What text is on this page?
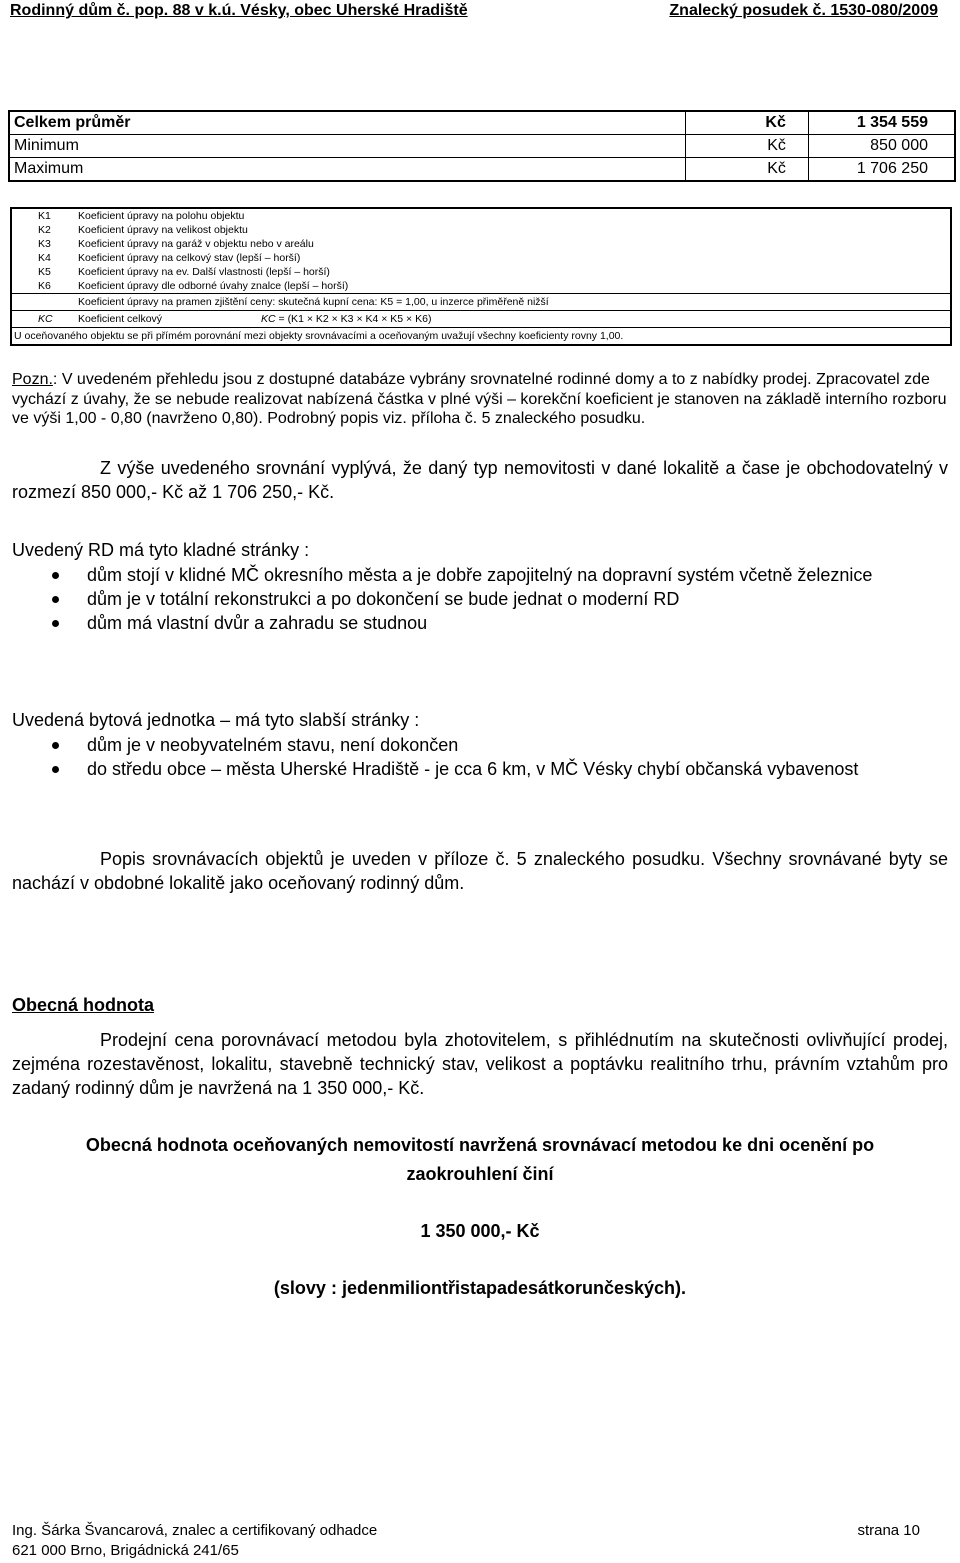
Rodinný dům č. pop. 88 v k.ú. Vésky, obec Uherské Hradiště	Znalecký posudek č. 1530-080/2009
Celkem průměr	Kč	1 354 559
Minimum	Kč	850 000
Maximum	Kč	1 706 250
K1	Koeficient úpravy na polohu objektu
K2	Koeficient úpravy na velikost objektu
K3	Koeficient úpravy na garáž v objektu nebo v areálu
K4	Koeficient úpravy na celkový stav (lepší – horší)
K5	Koeficient úpravy na ev. Další vlastnosti (lepší – horší)
K6	Koeficient úpravy dle odborné úvahy znalce (lepší – horší)
Koeficient úpravy na pramen zjištění ceny: skutečná kupní cena: K5 = 1,00, u inzerce přiměřeně nižší
KC Koeficient celkový	KC = (K1 × K2 × K3 × K4 × K5 × K6)
U oceňovaného objektu se při přímém porovnání mezi objekty srovnávacími a oceňovaným uvažují všechny koeficienty rovny 1,00.
Pozn.: V uvedeném přehledu jsou z dostupné databáze vybrány srovnatelné rodinné domy a to z nabídky prodej. Zpracovatel zde vychází z úvahy, že se nebude realizovat nabízená částka v plné výši – korekční koeficient je stanoven na základě interního rozboru ve výši 1,00 - 0,80 (navrženo 0,80). Podrobný popis viz. příloha č. 5 znaleckého posudku.
Z výše uvedeného srovnání vyplývá, že daný typ nemovitosti v dané lokalitě a čase je obchodovatelný v rozmezí 850 000,- Kč až 1 706 250,- Kč.
Uvedený RD má tyto kladné stránky :
dům stojí v klidné MČ okresního města a je dobře zapojitelný na dopravní systém včetně železnice
dům je v totální rekonstrukci a po dokončení se bude jednat o moderní RD
dům má vlastní dvůr a zahradu se studnou
Uvedená bytová jednotka – má tyto slabší stránky :
dům je v neobyvatelném stavu, není dokončen
do středu obce – města Uherské Hradiště - je cca 6 km, v MČ Vésky chybí občanská vybavenost
Popis srovnávacích objektů je uveden v příloze č. 5 znaleckého posudku. Všechny srovnávané byty se nachází v obdobné lokalitě jako oceňovaný rodinný dům.
Obecná hodnota
Prodejní cena porovnávací metodou byla zhotovitelem, s přihlédnutím na skutečnosti ovlivňující prodej, zejména rozestavěnost, lokalitu, stavebně technický stav, velikost a poptávku realitního trhu, právním vztahům pro zadaný rodinný dům je navržená na 1 350 000,- Kč.
Obecná hodnota oceňovaných nemovitostí navržená srovnávací metodou ke dni ocenění po
zaokrouhlení činí
1 350 000,- Kč
(slovy : jedenmiliontřistapadesátkorunčeských).
Ing. Šárka Švancarová, znalec a certifikovaný odhadce	strana 10
621 000 Brno, Brigádnická 241/65
